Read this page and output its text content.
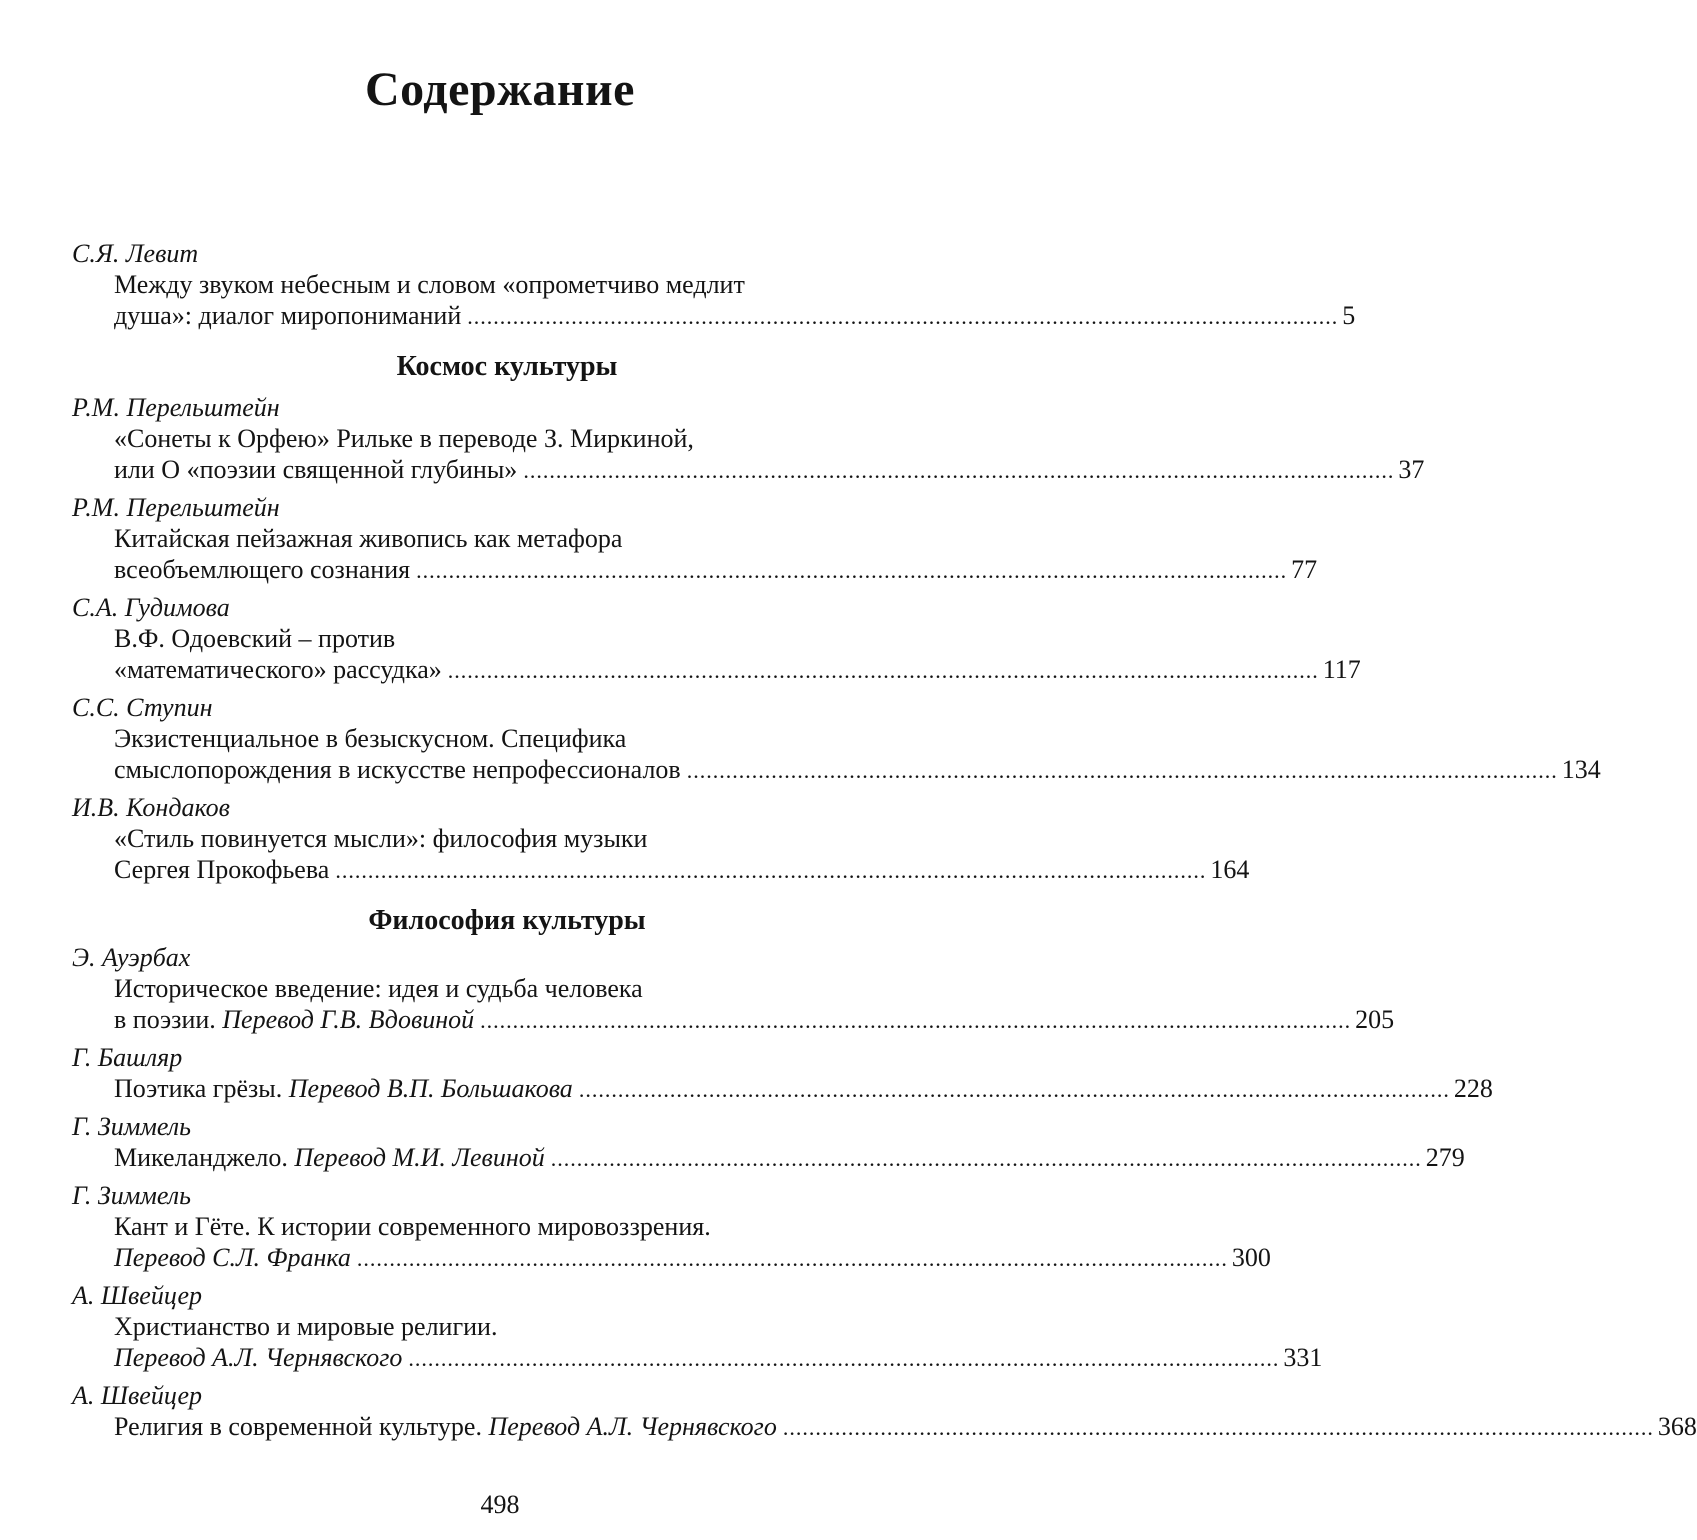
Содержание
С.Я. Левит
Между звуком небесным и словом «опрометчиво медлит
душа»: диалог миропониманий ...................................................................................................................................... 5
Космос культуры
Р.М. Перельштейн
«Сонеты к Орфею» Рильке в переводе З. Миркиной,
или О «поэзии священной глубины» ...................................................................................................................................... 37
Р.М. Перельштейн
Китайская пейзажная живопись как метафора
всеобъемлющего сознания ...................................................................................................................................... 77
С.А. Гудимова
В.Ф. Одоевский – против
«математического» рассудка» ...................................................................................................................................... 117
С.С. Ступин
Экзистенциальное в безыскусном. Специфика
смыслопорождения в искусстве непрофессионалов ...................................................................................................................................... 134
И.В. Кондаков
«Стиль повинуется мысли»: философия музыки
Сергея Прокофьева ...................................................................................................................................... 164
Философия культуры
Э. Ауэрбах
Историческое введение: идея и судьба человека
в поэзии. Перевод Г.В. Вдовиной ...................................................................................................................................... 205
Г. Башляр
Поэтика грёзы. Перевод В.П. Большакова ...................................................................................................................................... 228
Г. Зиммель
Микеланджело. Перевод М.И. Левиной ...................................................................................................................................... 279
Г. Зиммель
Кант и Гёте. К истории современного мировоззрения.
Перевод С.Л. Франка ...................................................................................................................................... 300
А. Швейцер
Христианство и мировые религии.
Перевод А.Л. Чернявского ...................................................................................................................................... 331
А. Швейцер
Религия в современной культуре. Перевод А.Л. Чернявского ...................................................................................................................................... 368
498
